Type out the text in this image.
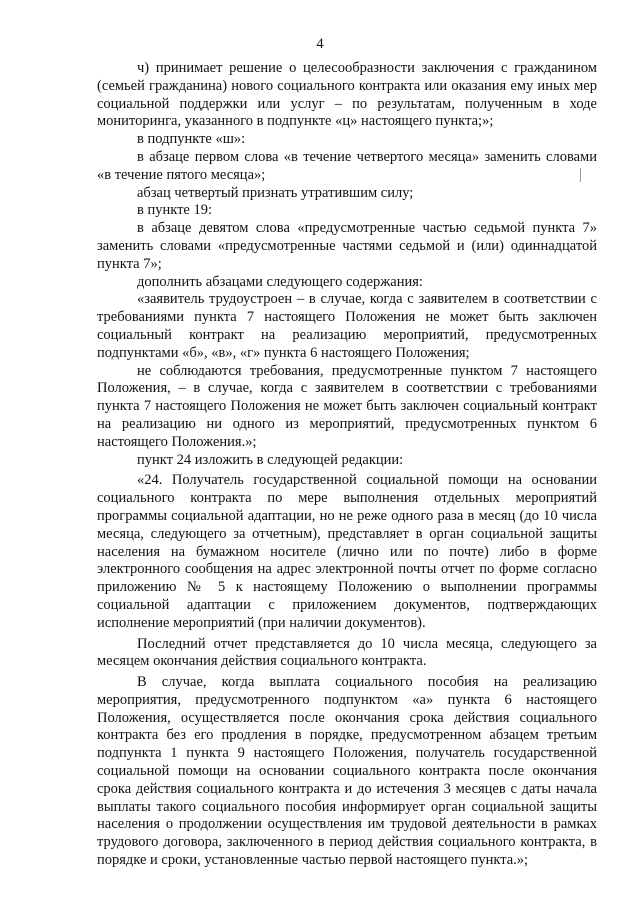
4

ч) принимает решение о целесообразности заключения с гражданином (семьей гражданина) нового социального контракта или оказания ему иных мер социальной поддержки или услуг – по результатам, полученным в ходе мониторинга, указанного в подпункте «ц» настоящего пункта;»;

в подпункте «ш»:

в абзаце первом слова «в течение четвертого месяца» заменить словами «в течение пятого месяца»;

абзац четвертый признать утратившим силу;

в пункте 19:

в абзаце девятом слова «предусмотренные частью седьмой пункта 7» заменить словами «предусмотренные частями седьмой и (или) одиннадцатой пункта 7»;

дополнить абзацами следующего содержания:

«заявитель трудоустроен – в случае, когда с заявителем в соответствии с требованиями пункта 7 настоящего Положения не может быть заключен социальный контракт на реализацию мероприятий, предусмотренных подпунктами «б», «в», «г» пункта 6 настоящего Положения;

не соблюдаются требования, предусмотренные пунктом 7 настоящего Положения, – в случае, когда с заявителем в соответствии с требованиями пункта 7 настоящего Положения не может быть заключен социальный контракт на реализацию ни одного из мероприятий, предусмотренных пунктом 6 настоящего Положения.»;

пункт 24 изложить в следующей редакции:

«24. Получатель государственной социальной помощи на основании социального контракта по мере выполнения отдельных мероприятий программы социальной адаптации, но не реже одного раза в месяц (до 10 числа месяца, следующего за отчетным), представляет в орган социальной защиты населения на бумажном носителе (лично или по почте) либо в форме электронного сообщения на адрес электронной почты отчет по форме согласно приложению № 5 к настоящему Положению о выполнении программы социальной адаптации с приложением документов, подтверждающих исполнение мероприятий (при наличии документов).

Последний отчет представляется до 10 числа месяца, следующего за месяцем окончания действия социального контракта.

В случае, когда выплата социального пособия на реализацию мероприятия, предусмотренного подпунктом «а» пункта 6 настоящего Положения, осуществляется после окончания срока действия социального контракта без его продления в порядке, предусмотренном абзацем третьим подпункта 1 пункта 9 настоящего Положения, получатель государственной социальной помощи на основании социального контракта после окончания срока действия социального контракта и до истечения 3 месяцев с даты начала выплаты такого социального пособия информирует орган социальной защиты населения о продолжении осуществления им трудовой деятельности в рамках трудового договора, заключенного в период действия социального контракта, в порядке и сроки, установленные частью первой настоящего пункта.»;
